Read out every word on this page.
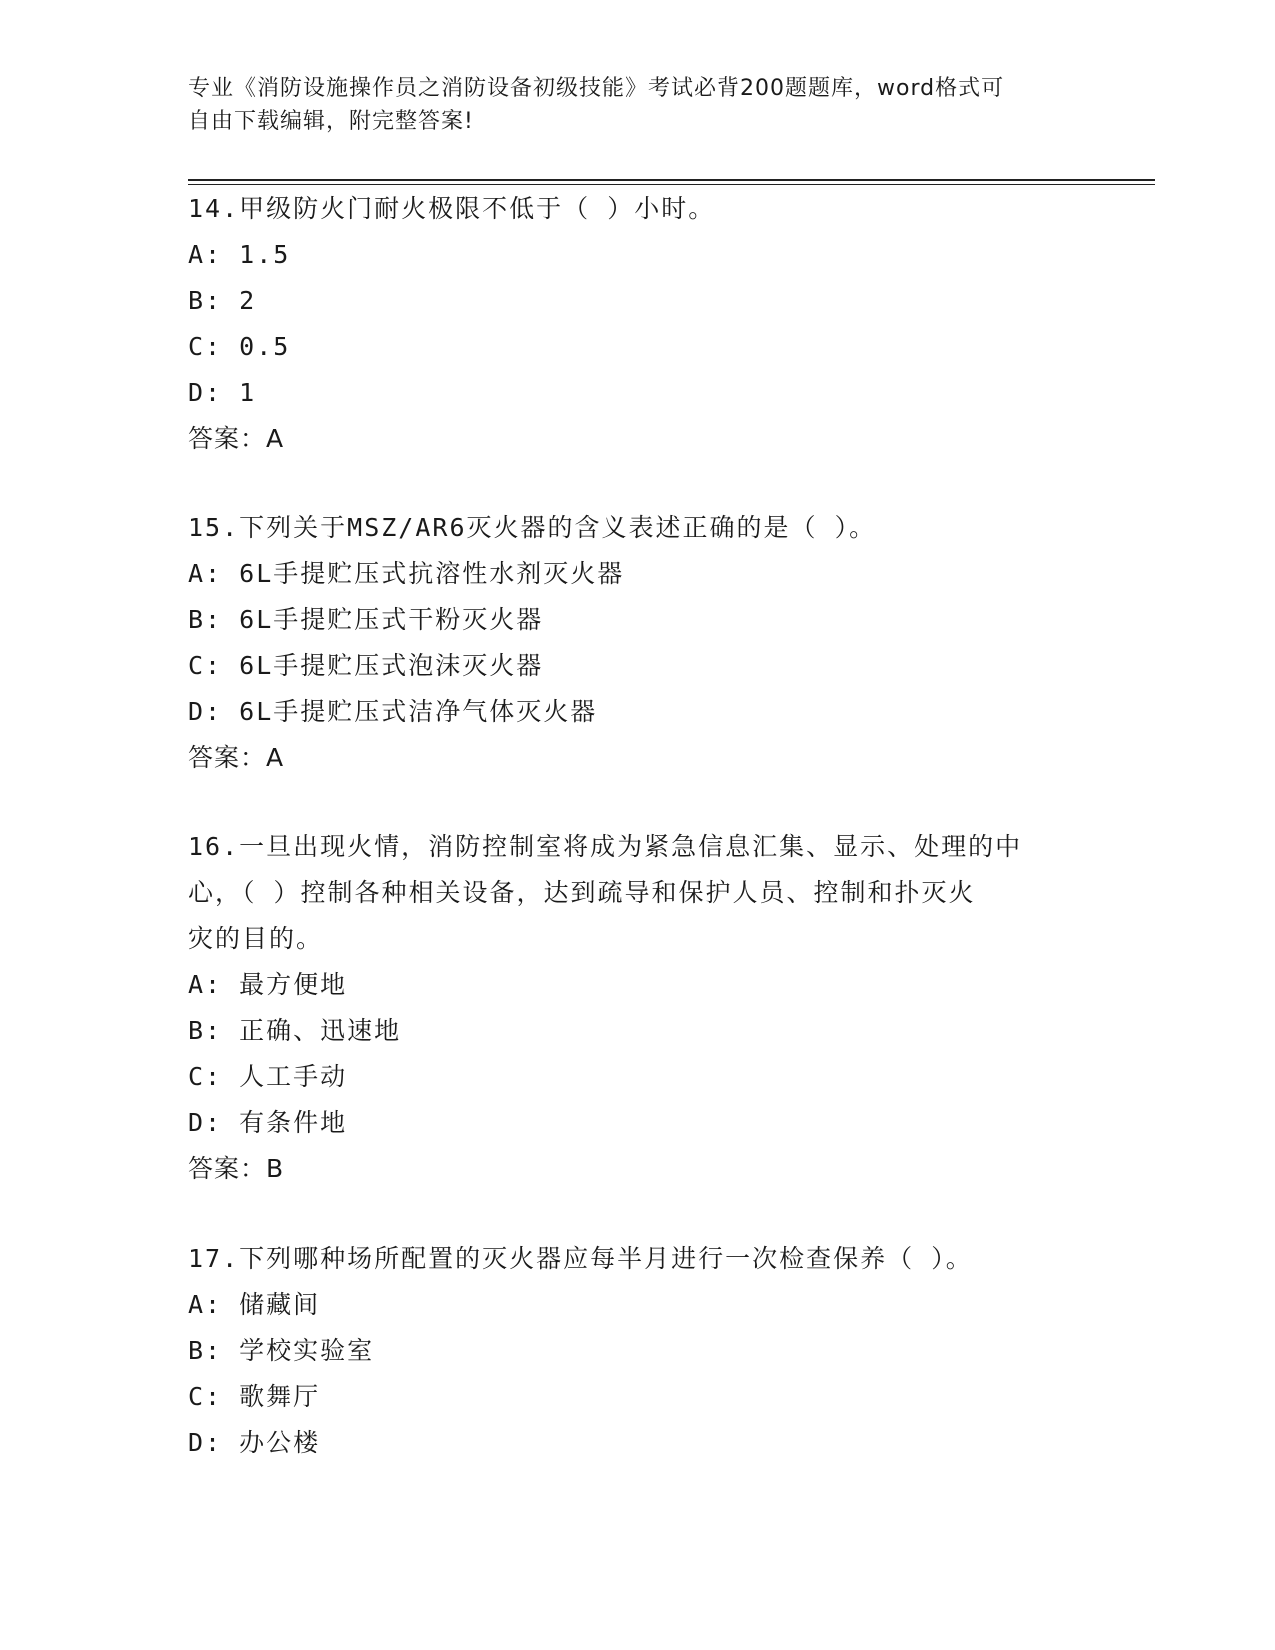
专业《消防设施操作员之消防设备初级技能》考试必背200题题库，word格式可
自由下载编辑，附完整答案!
14.甲级防火门耐火极限不低于（ ）小时。
A: 1.5
B: 2
C: 0.5
D: 1
答案：A
15.下列关于MSZ/AR6灭火器的含义表述正确的是（ ）。
A: 6L手提贮压式抗溶性水剂灭火器
B: 6L手提贮压式干粉灭火器
C: 6L手提贮压式泡沫灭火器
D: 6L手提贮压式洁净气体灭火器
答案：A
16.一旦出现火情，消防控制室将成为紧急信息汇集、显示、处理的中
心，（ ）控制各种相关设备，达到疏导和保护人员、控制和扑灭火
灾的目的。
A: 最方便地
B: 正确、迅速地
C: 人工手动
D: 有条件地
答案：B
17.下列哪种场所配置的灭火器应每半月进行一次检查保养（ ）。
A: 储藏间
B: 学校实验室
C: 歌舞厅
D: 办公楼
